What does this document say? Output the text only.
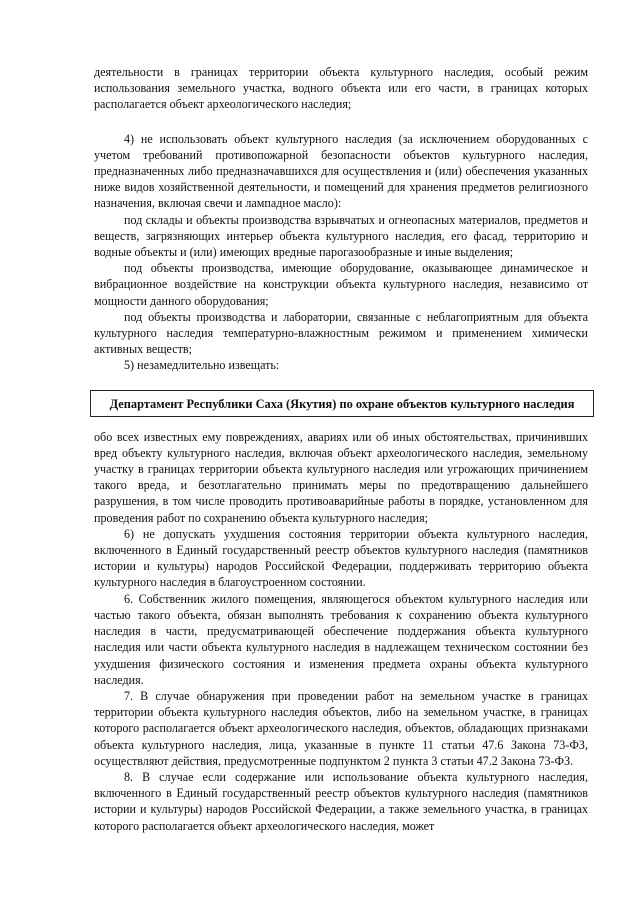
деятельности в границах территории объекта культурного наследия, особый режим использования земельного участка, водного объекта или его части, в границах которых располагается объект археологического наследия;

4) не использовать объект культурного наследия (за исключением оборудованных с учетом требований противопожарной безопасности объектов культурного наследия, предназначенных либо предназначавшихся для осуществления и (или) обеспечения указанных ниже видов хозяйственной деятельности, и помещений для хранения предметов религиозного назначения, включая свечи и лампадное масло):

под склады и объекты производства взрывчатых и огнеопасных материалов, предметов и веществ, загрязняющих интерьер объекта культурного наследия, его фасад, территорию и водные объекты и (или) имеющих вредные парогазообразные и иные выделения;

под объекты производства, имеющие оборудование, оказывающее динамическое и вибрационное воздействие на конструкции объекта культурного наследия, независимо от мощности данного оборудования;

под объекты производства и лаборатории, связанные с неблагоприятным для объекта культурного наследия температурно-влажностным режимом и применением химически активных веществ;

5) незамедлительно извещать:

Департамент Республики Саха (Якутия) по охране объектов культурного наследия

обо всех известных ему повреждениях, авариях или об иных обстоятельствах, причинивших вред объекту культурного наследия, включая объект археологического наследия, земельному участку в границах территории объекта культурного наследия или угрожающих причинением такого вреда, и безотлагательно принимать меры по предотвращению дальнейшего разрушения, в том числе проводить противоаварийные работы в порядке, установленном для проведения работ по сохранению объекта культурного наследия;

6) не допускать ухудшения состояния территории объекта культурного наследия, включенного в Единый государственный реестр объектов культурного наследия (памятников истории и культуры) народов Российской Федерации, поддерживать территорию объекта культурного наследия в благоустроенном состоянии.

6. Собственник жилого помещения, являющегося объектом культурного наследия или частью такого объекта, обязан выполнять требования к сохранению объекта культурного наследия в части, предусматривающей обеспечение поддержания объекта культурного наследия или части объекта культурного наследия в надлежащем техническом состоянии без ухудшения физического состояния и изменения предмета охраны объекта культурного наследия.

7. В случае обнаружения при проведении работ на земельном участке в границах территории объекта культурного наследия объектов, либо на земельном участке, в границах которого располагается объект археологического наследия, объектов, обладающих признаками объекта культурного наследия, лица, указанные в пункте 11 статьи 47.6 Закона 73-ФЗ, осуществляют действия, предусмотренные подпунктом 2 пункта 3 статьи 47.2 Закона 73-ФЗ.

8. В случае если содержание или использование объекта культурного наследия, включенного в Единый государственный реестр объектов культурного наследия (памятников истории и культуры) народов Российской Федерации, а также земельного участка, в границах которого располагается объект археологического наследия, может
